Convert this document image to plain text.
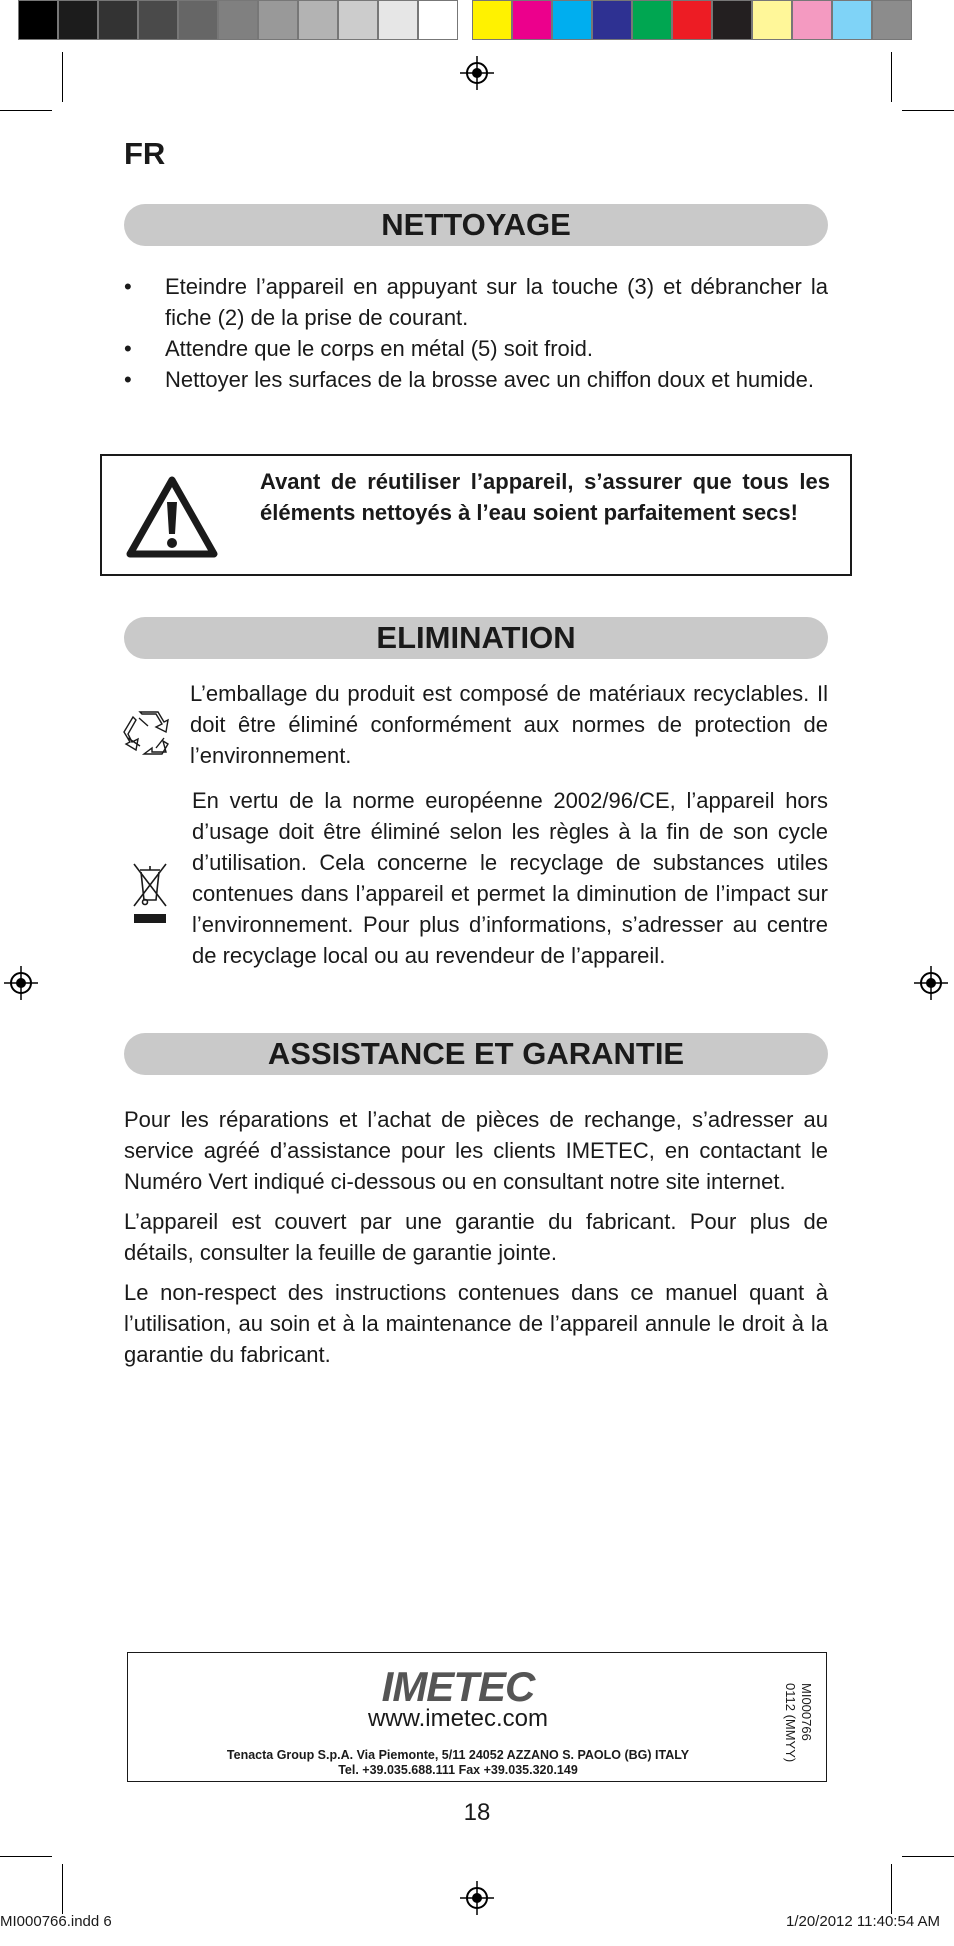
FR
NETTOYAGE
• Eteindre l’appareil en appuyant sur la touche (3) et débrancher la fiche (2) de la prise de courant.
• Attendre que le corps en métal (5) soit froid.
• Nettoyer les surfaces de la brosse avec un chiffon doux et humide.
Avant de réutiliser l’appareil, s’assurer que tous les éléments nettoyés à l’eau soient parfaitement secs!
ELIMINATION
L’emballage du produit est composé de matériaux recyclables. Il doit être éliminé conformément aux normes de protection de l’environnement.
En vertu de la norme européenne 2002/96/CE, l’appareil hors d’usage doit être éliminé selon les règles à la fin de son cycle d’utilisation. Cela concerne le recyclage de substances utiles contenues dans l’appareil et permet la diminution de l’impact sur l’environnement. Pour plus d’informations, s’adresser au centre de recyclage local ou au revendeur de l’appareil.
ASSISTANCE ET GARANTIE

Pour les réparations et l’achat de pièces de rechange, s’adresser au service agréé d’assistance pour les clients IMETEC, en contactant le Numéro Vert indiqué ci-dessous ou en consultant notre site internet.

L’appareil est couvert par une garantie du fabricant. Pour plus de détails, consulter la feuille de garantie jointe.

Le non-respect des instructions contenues dans ce manuel quant à l’utilisation, au soin et à la maintenance de l’appareil annule le droit à la garantie du fabricant.

IMETEC
www.imetec.com
Tenacta Group S.p.A. Via Piemonte, 5/11 24052 AZZANO S. PAOLO (BG) ITALY
Tel. +39.035.688.111 Fax +39.035.320.149
MI000766
0112 (MMYY)
18
MI000766.indd 6	1/20/2012 11:40:54 AM
